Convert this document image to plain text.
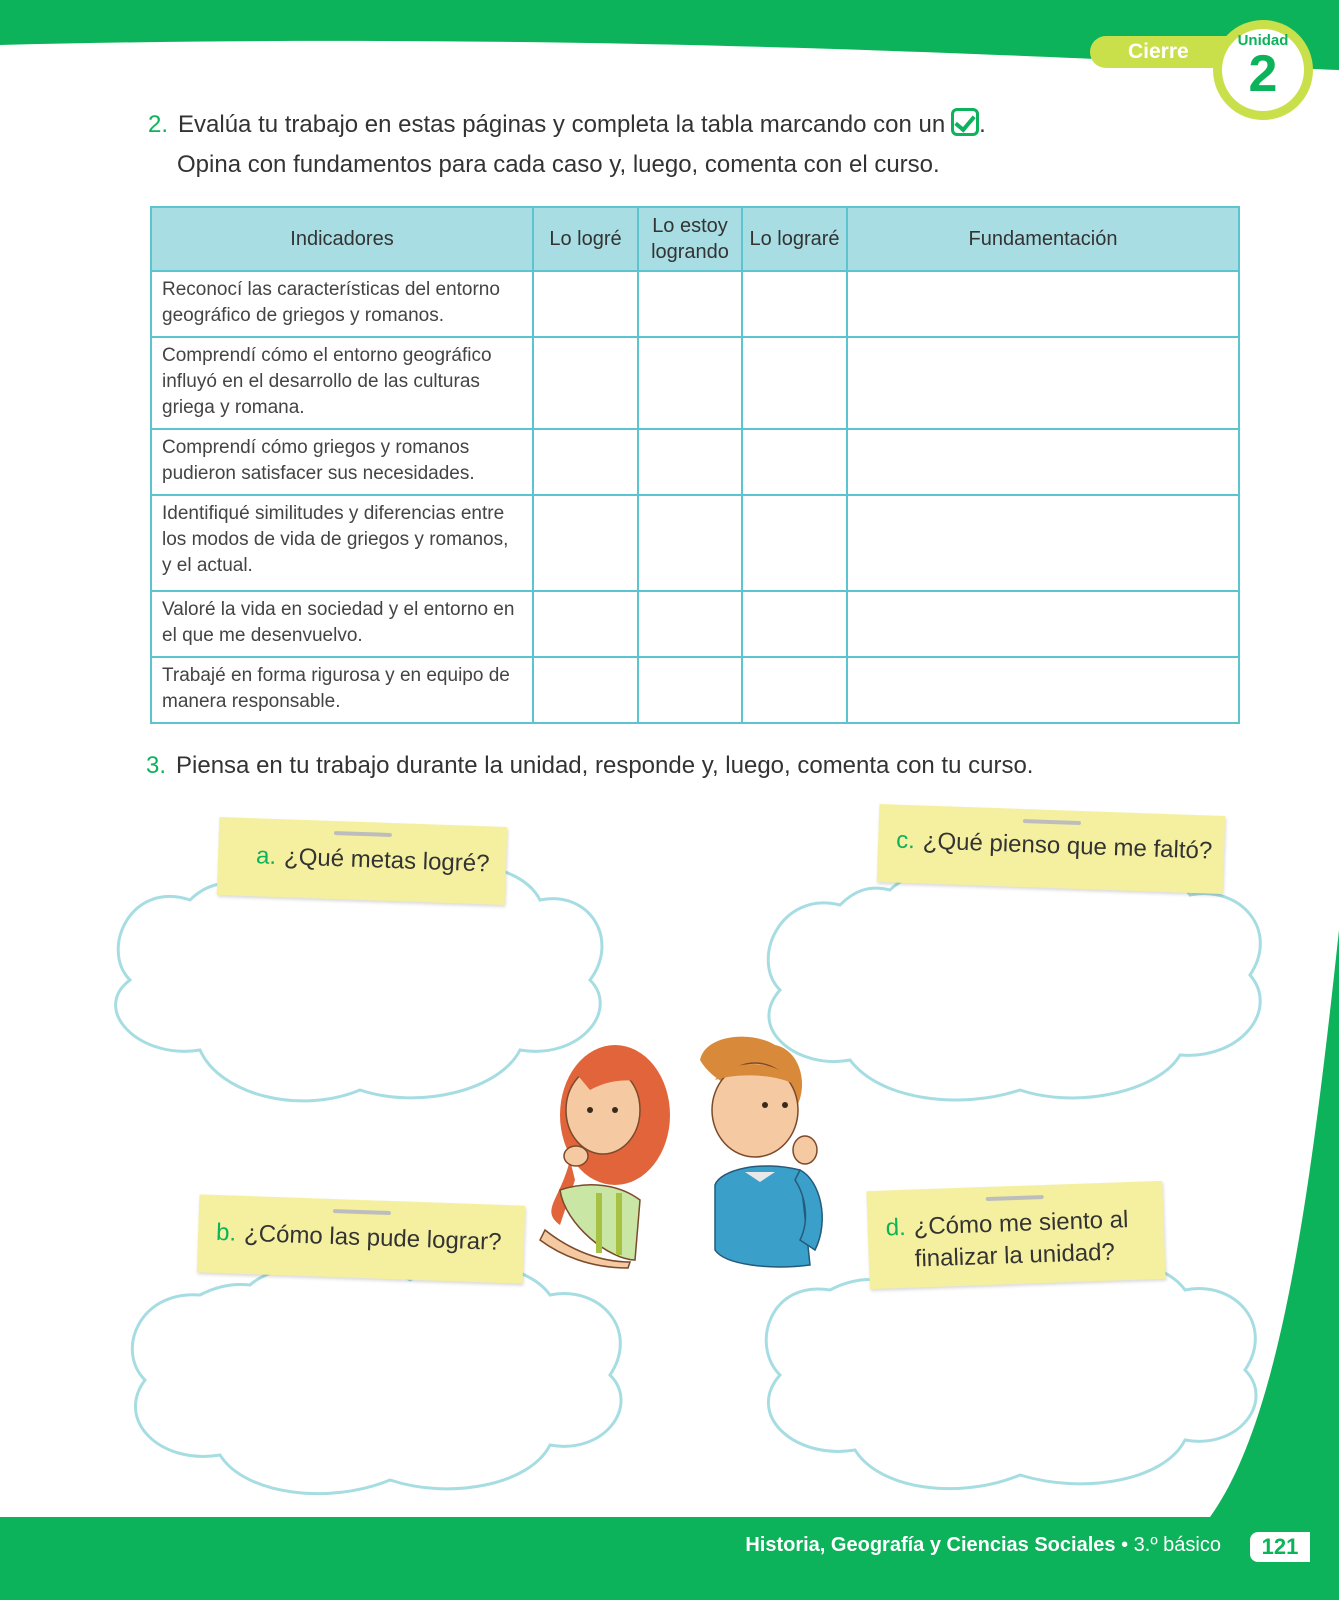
Cierre	Unidad
2
2. Evalúa tu trabajo en estas páginas y completa la tabla marcando con un .
Opina con fundamentos para cada caso y, luego, comenta con el curso.
Indicadores	Lo logré	Lo estoy logrando	Lo lograré	Fundamentación
Reconocí las características del entorno geográfico de griegos y romanos.				
Comprendí cómo el entorno geográfico influyó en el desarrollo de las culturas griega y romana.				
Comprendí cómo griegos y romanos pudieron satisfacer sus necesidades.				
Identifiqué similitudes y diferencias entre los modos de vida de griegos y romanos, y el actual.				
Valoré la vida en sociedad y el entorno en el que me desenvuelvo.				
Trabajé en forma rigurosa y en equipo de manera responsable.				
3. Piensa en tu trabajo durante la unidad, responde y, luego, comenta con tu curso.
a. ¿Qué metas logré?
c. ¿Qué pienso que me faltó?
b. ¿Cómo las pude lograr?	d. ¿Cómo me siento al
finalizar la unidad?
Historia, Geografía y Ciencias Sociales • 3.º básico	121
